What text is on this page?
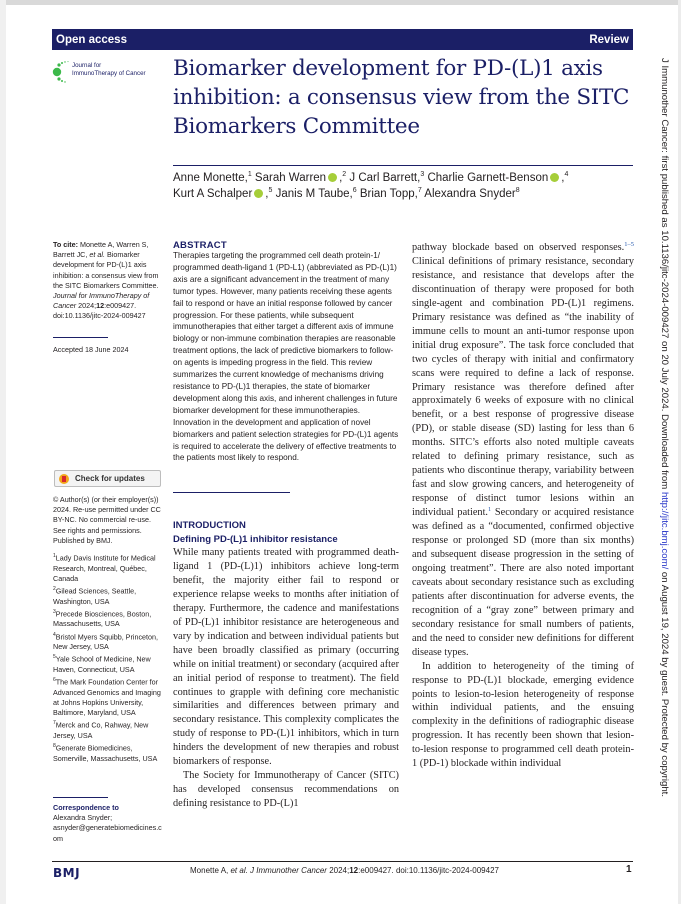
Open access	Review
Journal for
ImmunoTherapy of Cancer Biomarker development for PD-(L)1 axis inhibition: a consensus view from the SITC Biomarkers Committee
Anne Monette,$^1$ Sarah Warren ,$^2$ J Carl Barrett,$^3$ Charlie Garnett-Benson ,$^4$
Kurt A Schalper ,$^5$ Janis M Taube,$^6$ Brian Topp,$^7$ Alexandra Snyder$^8$
To cite: Monette A, Warren S, Barrett JC, et al. Biomarker development for PD-(L)1 axis inhibition: a consensus view from the SITC Biomarkers Committee. Journal for ImmunoTherapy of Cancer 2024;12:e009427. doi:10.1136/jitc-2024-009427
Accepted 18 June 2024
Check for updates
© Author(s) (or their employer(s)) 2024. Re-use permitted under CC BY-NC. No commercial re-use. See rights and permissions. Published by BMJ.
$^1$Lady Davis Institute for Medical Research, Montreal, Québec, Canada
$^2$Gilead Sciences, Seattle, Washington, USA
$^3$Precede Biosciences, Boston, Massachusetts, USA
$^4$Bristol Myers Squibb, Princeton, New Jersey, USA
$^5$Yale School of Medicine, New Haven, Connecticut, USA
$^6$The Mark Foundation Center for Advanced Genomics and Imaging at Johns Hopkins University, Baltimore, Maryland, USA
$^7$Merck and Co, Rahway, New Jersey, USA
$^8$Generate Biomedicines, Somerville, Massachusetts, USA
Correspondence to
Alexandra Snyder;
asnyder@generatebiomedicines.com
ABSTRACT
Therapies targeting the programmed cell death protein-1/ programmed death-ligand 1 (PD-L1) (abbreviated as PD-(L)1) axis are a significant advancement in the treatment of many tumor types. However, many patients receiving these agents fail to respond or have an initial response followed by cancer progression. For these patients, while subsequent immunotherapies that either target a different axis of immune biology or non-immune combination therapies are reasonable treatment options, the lack of predictive biomarkers to follow-on agents is impeding progress in the field. This review summarizes the current knowledge of mechanisms driving resistance to PD-(L)1 therapies, the state of biomarker development along this axis, and inherent challenges in future biomarker development for these immunotherapies. Innovation in the development and application of novel biomarkers and patient selection strategies for PD-(L)1 agents is required to accelerate the delivery of effective treatments to the patients most likely to respond.
INTRODUCTION
Defining PD-(L)1 inhibitor resistance

While many patients treated with programmed death-ligand 1 (PD-(L)1) inhibitors achieve long-term benefit, the majority either fail to respond or experience relapse weeks to months after initiation of therapy. Furthermore, the cadence and manifestations of PD-(L)1 inhibitor resistance are heterogeneous and vary by indication and between individual patients but have been broadly classified as primary (occurring while on initial treatment) or secondary (acquired after an initial period of response to treatment). The field continues to grapple with defining core mechanistic similarities and differences between primary and secondary resistance. This complexity complicates the study of response to PD-(L)1 inhibitors, which in turn hinders the development of new therapies and robust biomarkers of response.

The Society for Immunotherapy of Cancer (SITC) has developed consensus recommendations on defining resistance to PD-(L)1

pathway blockade based on observed responses.$^{1-5}$ Clinical definitions of primary resistance, secondary resistance, and resistance that develops after the discontinuation of therapy were proposed for both single-agent and combination PD-(L)1 regimens. Primary resistance was defined as “the inability of immune cells to mount an anti-tumor response upon initial drug exposure”. The task force concluded that two cycles of therapy with initial and confirmatory scans were required to define a lack of response. Primary resistance was therefore defined after approximately 6 weeks of exposure with no clinical benefit, or a best response of progressive disease (PD), or stable disease (SD) lasting for less than 6 months. SITC’s efforts also noted multiple caveats related to defining primary resistance, such as patients who discontinue therapy, variability between fast and slow growing cancers, and heterogeneity of response of distinct tumor lesions within an individual patient.$^1$ Secondary or acquired resistance was defined as a “documented, confirmed objective response or prolonged SD (more than six months) and subsequent disease progression in the setting of ongoing treatment”. There are also noted important caveats about secondary resistance such as excluding patients after discontinuation for adverse events, the recognition of a “gray zone” between primary and secondary resistance for small numbers of patients, and the need to consider new definitions for different disease types.

In addition to heterogeneity of the timing of response to PD-(L)1 blockade, emerging evidence points to lesion-to-lesion heterogeneity of response within individual patients, and the ensuing complexity in the definitions of radiographic disease progression. It has recently been shown that lesion-to-lesion response to programmed cell death protein-1 (PD-1) blockade within individual

BMJ	Monette A, et al. J Immunother Cancer 2024;12:e009427. doi:10.1136/jitc-2024-009427	1
J Immunother Cancer: first published as 10.1136/jitc-2024-009427 on 20 July 2024. Downloaded from http://jitc.bmj.com/ on August 19, 2024 by guest. Protected by copyright.
